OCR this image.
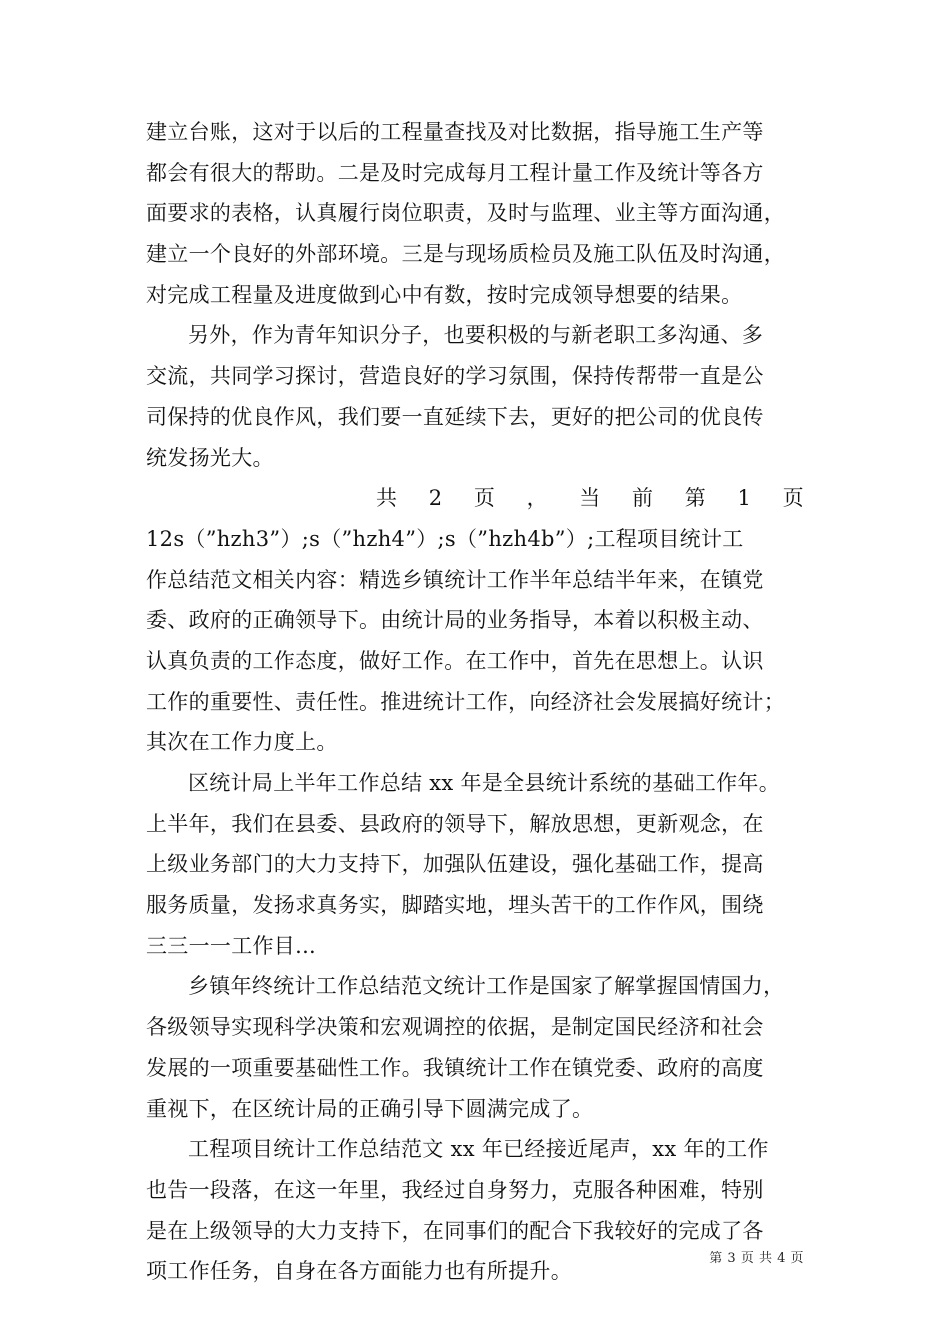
建立台账，这对于以后的工程量查找及对比数据，指导施工生产等
都会有很大的帮助。二是及时完成每月工程计量工作及统计等各方
面要求的表格，认真履行岗位职责，及时与监理、业主等方面沟通，
建立一个良好的外部环境。三是与现场质检员及施工队伍及时沟通，
对完成工程量及进度做到心中有数，按时完成领导想要的结果。
另外，作为青年知识分子，也要积极的与新老职工多沟通、多
交流，共同学习探讨，营造良好的学习氛围，保持传帮带一直是公
司保持的优良作风，我们要一直延续下去，更好的把公司的优良传
统发扬光大。
共 2 页 ， 当 前 第 1 页
12s（”hzh3”）;s（”hzh4”）;s（”hzh4b”）;工程项目统计工
作总结范文相关内容：精选乡镇统计工作半年总结半年来，在镇党
委、政府的正确领导下。由统计局的业务指导，本着以积极主动、
认真负责的工作态度，做好工作。在工作中，首先在思想上。认识
工作的重要性、责任性。推进统计工作，向经济社会发展搞好统计；
其次在工作力度上。
区统计局上半年工作总结 xx 年是全县统计系统的基础工作年。
上半年，我们在县委、县政府的领导下，解放思想，更新观念，在
上级业务部门的大力支持下，加强队伍建设，强化基础工作，提高
服务质量，发扬求真务实，脚踏实地，埋头苦干的工作作风，围绕
三三一一工作目...
乡镇年终统计工作总结范文统计工作是国家了解掌握国情国力，
各级领导实现科学决策和宏观调控的依据，是制定国民经济和社会
发展的一项重要基础性工作。我镇统计工作在镇党委、政府的高度
重视下，在区统计局的正确引导下圆满完成了。
工程项目统计工作总结范文 xx 年已经接近尾声，xx 年的工作
也告一段落，在这一年里，我经过自身努力，克服各种困难，特别
是在上级领导的大力支持下，在同事们的配合下我较好的完成了各
项工作任务，自身在各方面能力也有所提升。
第 3 页 共 4 页
